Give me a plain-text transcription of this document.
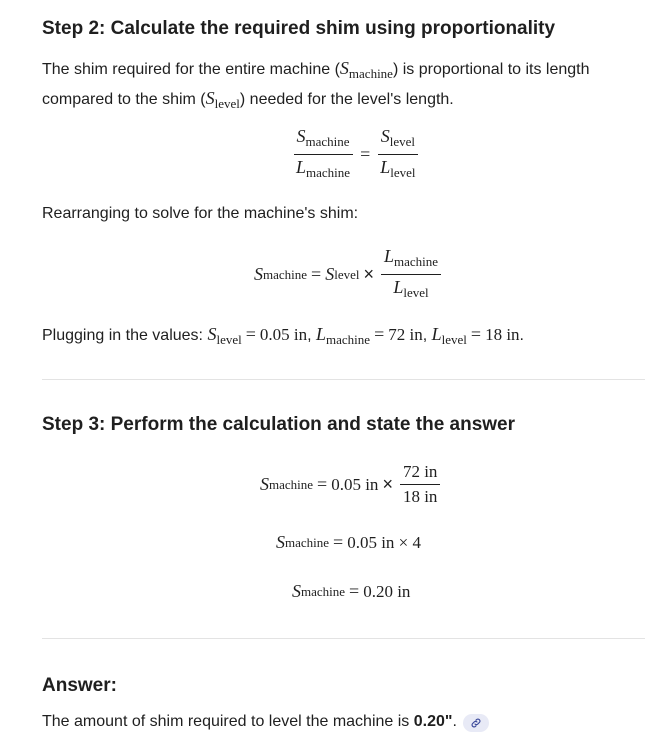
Step 2: Calculate the required shim using proportionality

The shim required for the entire machine $(S_{machine})$ is proportional to its length compared to the shim $(S_{level})$ needed for the level's length.

$\frac{S_{machine}}{L_{machine}} = \frac{S_{level}}{L_{level}}$

Rearranging to solve for the machine's shim:

S machine = S level × $\frac{L_{machine}}{L_{level}}$

Plugging in the values: $S_{level} = 0.05$ in, $L_{machine} = 72$ in, $L_{level} = 18$ in.

Step 3: Perform the calculation and state the answer
S machine = 0.05 in × $\frac{72 in}{18 in}$
S machine = 0.05 in × 4
S machine = 0.20 in
Answer:

The amount of shim required to level the machine is 0.20".
